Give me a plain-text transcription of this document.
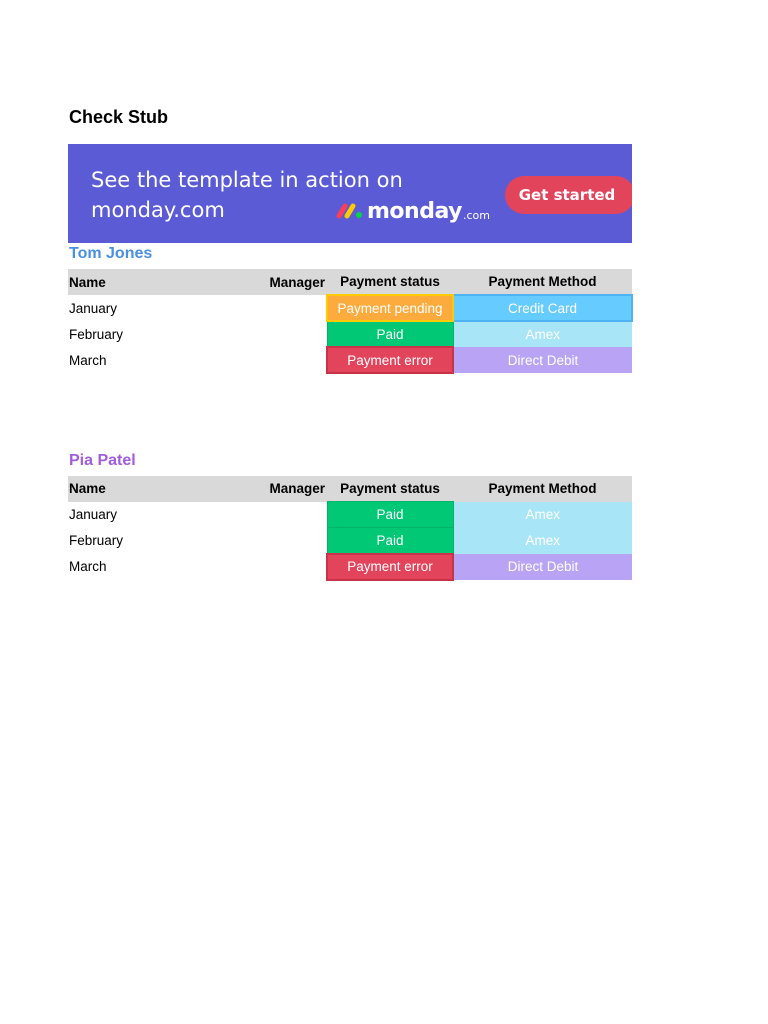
Check Stub
See the template in action on
monday.com	monday .com
Get started
Tom Jones
Name	Manager	Payment status	Payment Method
January		Payment pending	Credit Card
February		Paid	Amex
March		Payment error	Direct Debit
Pia Patel
Name	Manager	Payment status	Payment Method
January		Paid	Amex
February		Paid	Amex
March		Payment error	Direct Debit
